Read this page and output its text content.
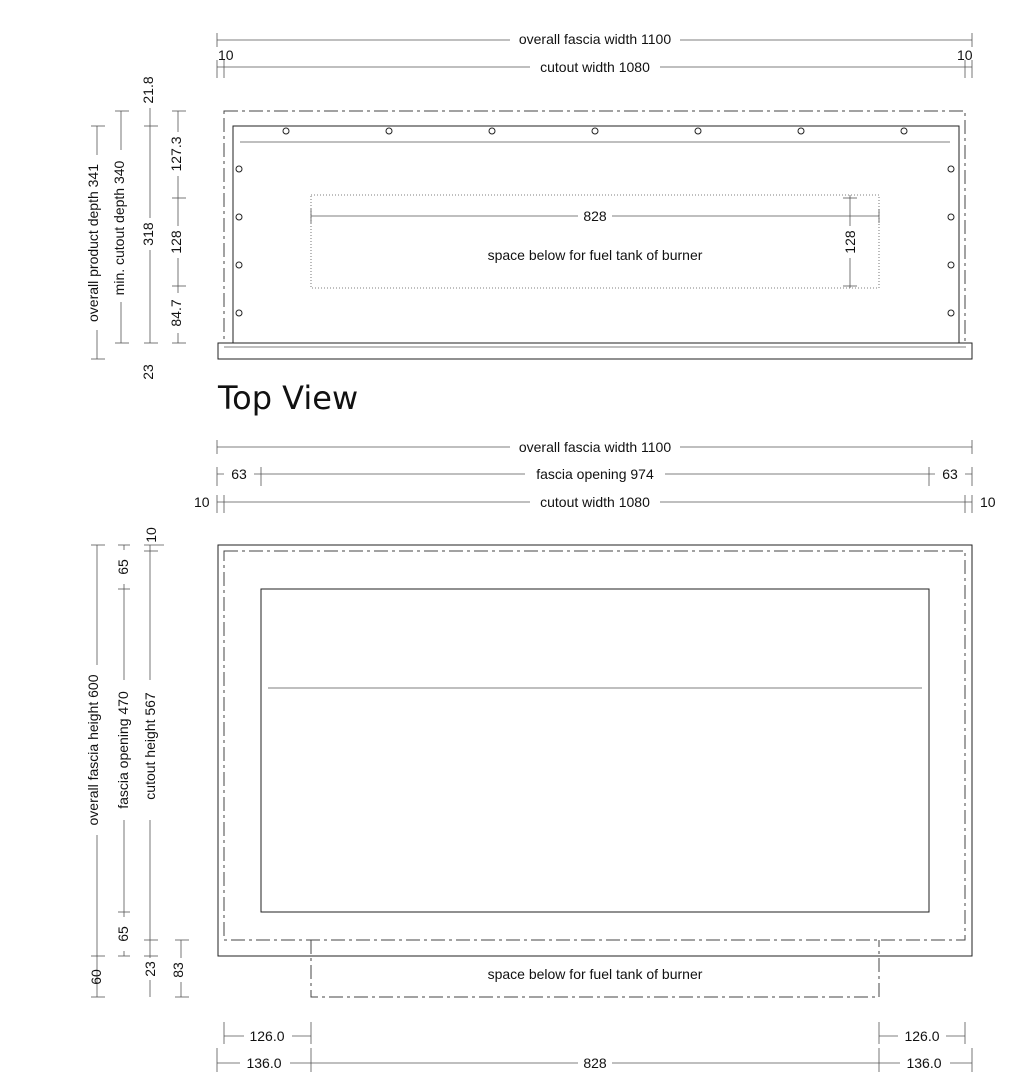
overall fascia width 1100
10	10
cutout width 1080
828
128
space below for fuel tank of burner
overall product depth 341 min. cutout depth 340 318
21.8
23
127.3
128
84.7
Top View
overall fascia width 1100
63	63
fascia opening 974
10	10
cutout width 1080
space below for fuel tank of burner
overall fascia height 600
60
65
fascia opening 470
65
10
cutout height 567
23 83
126.0	126.0
136.0	828	136.0
